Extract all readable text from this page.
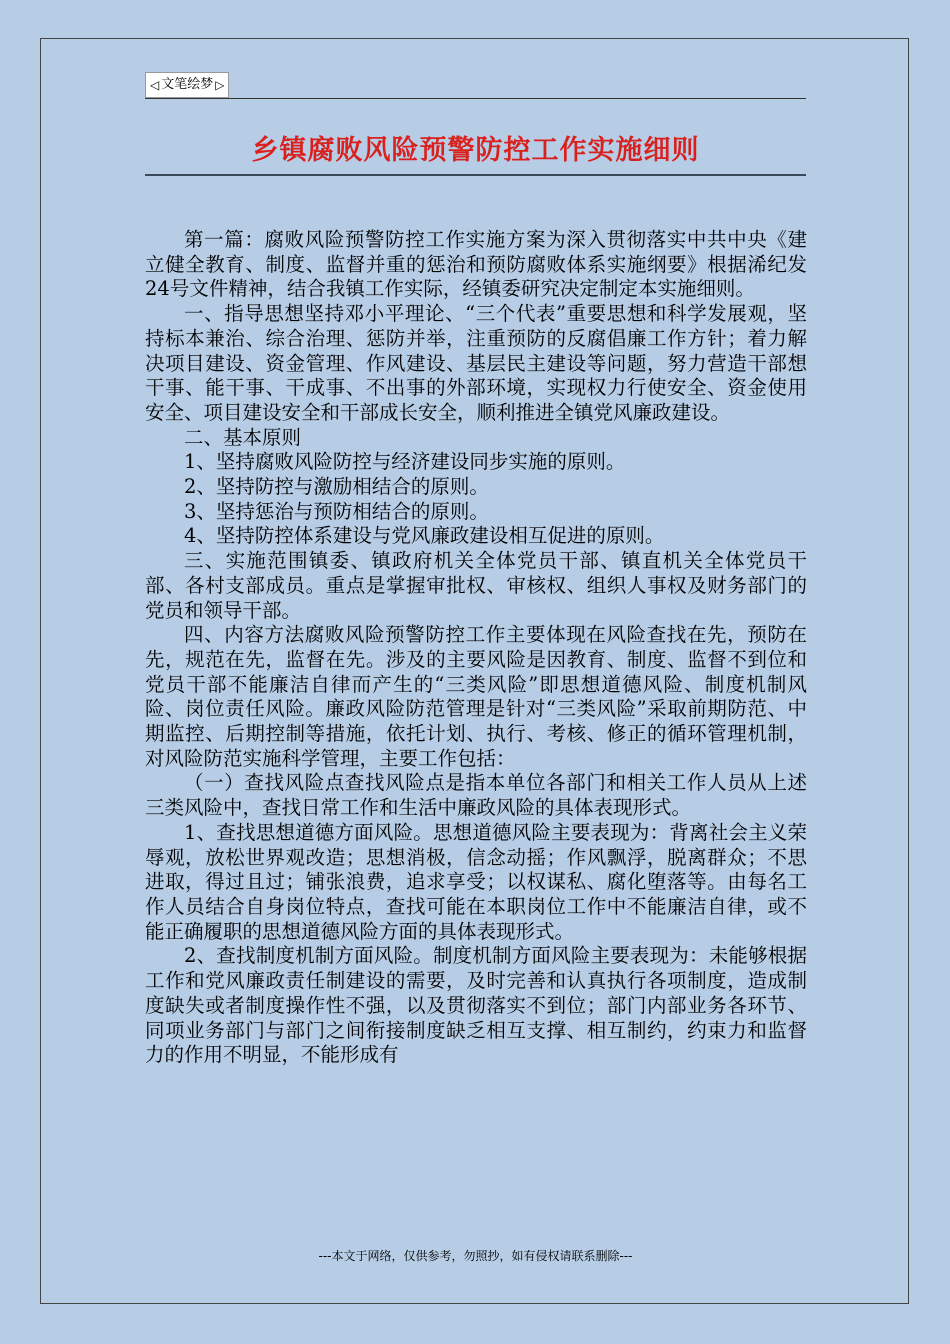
◁ 文笔绘梦 ▷
乡镇腐败风险预警防控工作实施细则

第一篇：腐败风险预警防控工作实施方案为深入贯彻落实中共中央《建立健全教育、制度、监督并重的惩治和预防腐败体系实施纲要》根据浠纪发24号文件精神，结合我镇工作实际，经镇委研究决定制定本实施细则。

一、指导思想坚持邓小平理论、“三个代表”重要思想和科学发展观，坚持标本兼治、综合治理、惩防并举，注重预防的反腐倡廉工作方针；着力解决项目建设、资金管理、作风建设、基层民主建设等问题，努力营造干部想干事、能干事、干成事、不出事的外部环境，实现权力行使安全、资金使用安全、项目建设安全和干部成长安全，顺利推进全镇党风廉政建设。

二、基本原则

1、坚持腐败风险防控与经济建设同步实施的原则。

2、坚持防控与激励相结合的原则。

3、坚持惩治与预防相结合的原则。

4、坚持防控体系建设与党风廉政建设相互促进的原则。

三、实施范围镇委、镇政府机关全体党员干部、镇直机关全体党员干部、各村支部成员。重点是掌握审批权、审核权、组织人事权及财务部门的党员和领导干部。

四、内容方法腐败风险预警防控工作主要体现在风险查找在先，预防在先，规范在先，监督在先。涉及的主要风险是因教育、制度、监督不到位和党员干部不能廉洁自律而产生的“三类风险”即思想道德风险、制度机制风险、岗位责任风险。廉政风险防范管理是针对“三类风险”采取前期防范、中期监控、后期控制等措施，依托计划、执行、考核、修正的循环管理机制，对风险防范实施科学管理，主要工作包括：

（一）查找风险点查找风险点是指本单位各部门和相关工作人员从上述三类风险中，查找日常工作和生活中廉政风险的具体表现形式。

1、查找思想道德方面风险。思想道德风险主要表现为：背离社会主义荣辱观，放松世界观改造；思想消极，信念动摇；作风飘浮，脱离群众；不思进取，得过且过；铺张浪费，追求享受；以权谋私、腐化堕落等。由每名工作人员结合自身岗位特点，查找可能在本职岗位工作中不能廉洁自律，或不能正确履职的思想道德风险方面的具体表现形式。

2、查找制度机制方面风险。制度机制方面风险主要表现为：未能够根据工作和党风廉政责任制建设的需要，及时完善和认真执行各项制度，造成制度缺失或者制度操作性不强，以及贯彻落实不到位；部门内部业务各环节、同项业务部门与部门之间衔接制度缺乏相互支撑、相互制约，约束力和监督力的作用不明显，不能形成有

---本文于网络，仅供参考，勿照抄，如有侵权请联系删除---
